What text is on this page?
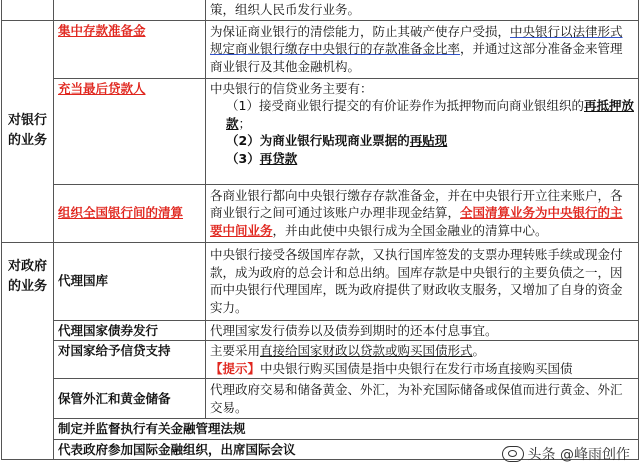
		策，组织人民币发行业务。
对银行的业务	集中存款准备金	为保证商业银行的清偿能力，防止其破产使存户受损，中央银行以法律形式规定商业银行缴存中央银行的存款准备金比率，并通过这部分准备金来管理商业银行及其他金融机构。
	充当最后贷款人	中央银行的信贷业务主要有：
（1）接受商业银行提交的有价证券作为抵押物而向商业银组织的再抵押放款；
（2）为商业银行贴现商业票据的再贴现
（3）再贷款

	组织全国银行间的清算	各商业银行都向中央银行缴存存款准备金，并在中央银行开立往来账户，各商业银行之间可通过该账户办理非现金结算，全国清算业务为中央银行的主要中间业务，并由此使中央银行成为全国金融业的清算中心。
对政府的业务	代理国库	中央银行接受各级国库存款，又执行国库签发的支票办理转账手续或现金付款，成为政府的总会计和总出纳。国库存款是中央银行的主要负债之一，因而中央银行代理国库，既为政府提供了财政收支服务，又增加了自身的资金实力。
	代理国家债券发行	代理国家发行债券以及债券到期时的还本付息事宜。
	对国家给予信贷支持	主要采用直接给国家财政以贷款或购买国债形式。
【提示】中央银行购买国债是指中央银行在发行市场直接购买国债

	保管外汇和黄金储备	代理政府交易和储备黄金、外汇，为补充国际储备或保值而进行黄金、外汇交易。
	制定并监督执行有关金融管理法规	
	代表政府参加国际金融组织，出席国际会议		头条 @峰雨创作
